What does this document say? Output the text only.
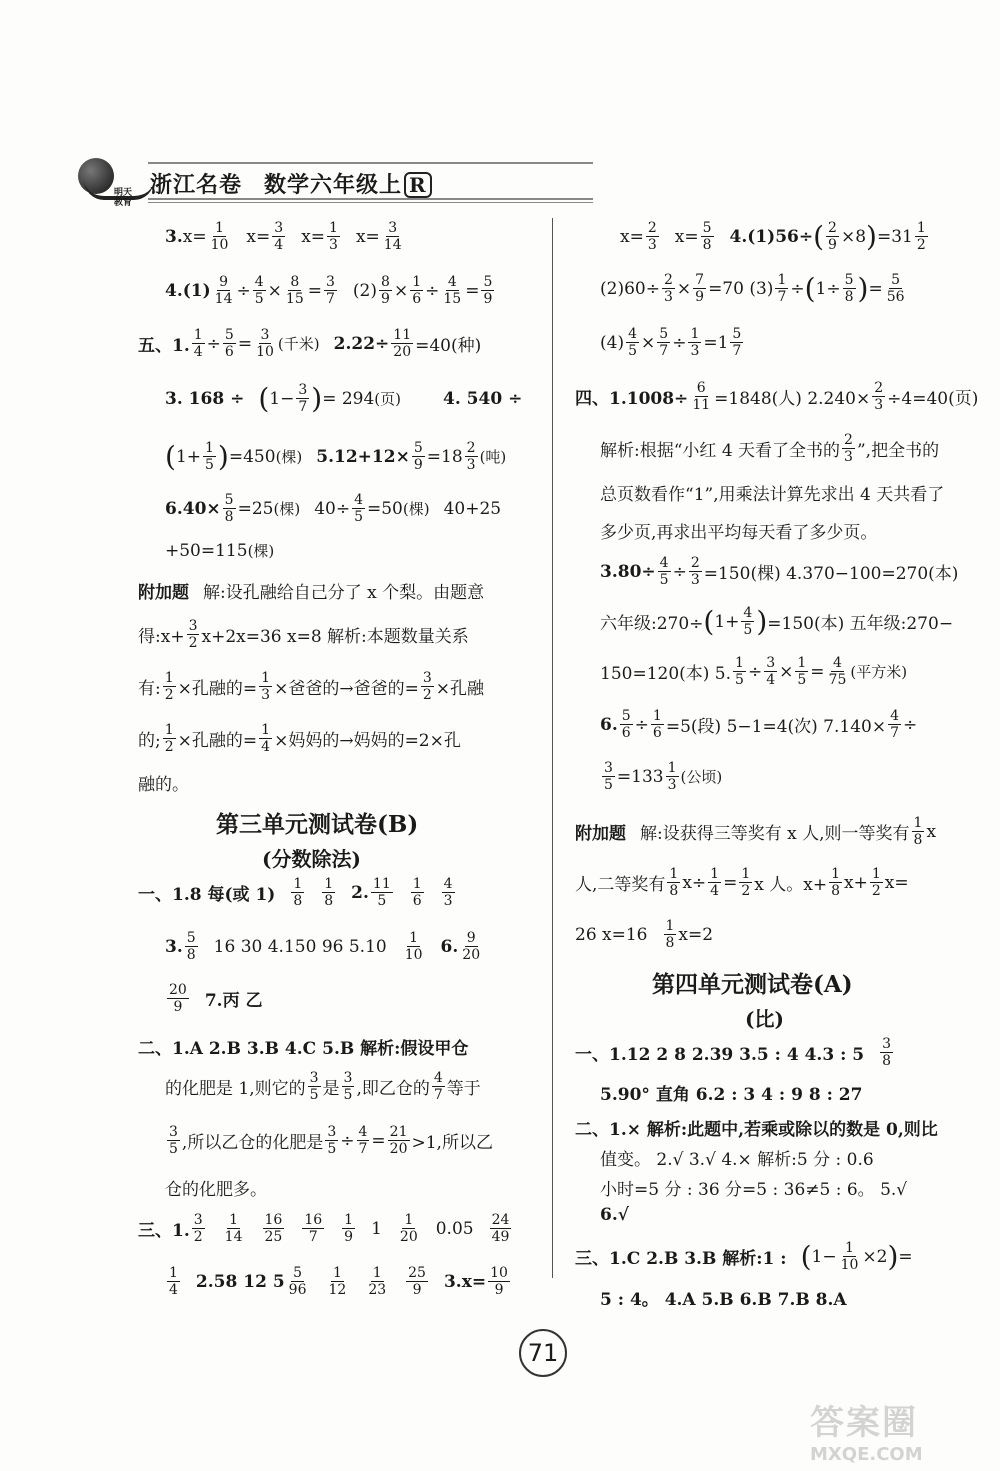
明天教育
浙江名卷 数学六年级上 R
3. $x= \frac{1}{10} x= \frac{3}{4} x= \frac{1}{3} x= \frac{3}{14}$
$4.(1) \frac{9}{14} \div \frac{4}{5} \times \frac{8}{15} = \frac{3}{7} (2) \frac{8}{9} \times \frac{1}{6} \div \frac{4}{15} = \frac{5}{9}$
五、1. $\frac{1}{4} \div \frac{5}{6} = \frac{3}{10}$ (千米) $2.22\div \frac{11}{20} =40$(种)
3. 168 ÷ ( $1- \frac{3}{7}$ ) = 294 (页) 4. 540 ÷
( $1+ \frac{1}{5}$ ) =450 (棵) $5.12+12\times \frac{5}{9} =18 \frac{2}{3}$ (吨)
$6.40\times \frac{5}{8} =25$ (棵) $40\div \frac{4}{5} =50$ (棵) 40+25
+50=115 (棵)
附加题 解:设孔融给自己分了 x 个梨。由题意
得:x+ $\frac{3}{2} x+2x=36$ x=8 解析:本题数量关系
有: $\frac{1}{2}$ ×孔融的= $\frac{1}{3}$ ×爸爸的→爸爸的= $\frac{3}{2}$ ×孔融
的; $\frac{1}{2}$ ×孔融的= $\frac{1}{4}$ ×妈妈的→妈妈的=2×孔
融的。
第三单元测试卷(B)
(分数除法)
一、1.8 每(或 $1) \frac{1}{8} \frac{1}{8} 2$. $\frac{11}{5} \frac{1}{6} \frac{4}{3}$
3. $\frac{5}{8} 16$ 30 4.150 96 $5.10 \frac{1}{10} 6$. $\frac{9}{20}$
$\frac{20}{9} 7$.丙 乙
二、1.A 2.B 3.B 4.C 5.B 解析:假设甲仓
的化肥是 1,则它的 $\frac{3}{5}$ 是 $\frac{3}{5}$ ,即乙仓的 $\frac{4}{7}$ 等于
$\frac{3}{5}$ ,所以乙仓的化肥是 $\frac{3}{5} \div \frac{4}{7} = \frac{21}{20} >1$,所以乙
仓的化肥多。
三、1. $\frac{3}{2} \frac{1}{14} \frac{16}{25} \frac{16}{7} \frac{1}{9} 1 \frac{1}{20} 0.05 \frac{24}{49}$
$\frac{1}{4} 2.58$ 12 $5 \frac{5}{96} \frac{1}{12} \frac{1}{23} \frac{25}{9} 3.x= \frac{10}{9}$
$x= \frac{2}{3} x= \frac{5}{8} 4.(1)56\div$ ( $\frac{2}{9} \times 8$ ) $=31 \frac{1}{2}$
$(2)60\div \frac{2}{3} \times \frac{7}{9} =70$ $(3) \frac{1}{7}$ ÷ ( $1\div \frac{5}{8}$ ) = $\frac{5}{56}$
$(4) \frac{4}{5} \times \frac{5}{7} \div \frac{1}{3} =1 \frac{5}{7}$
四、$1.1008\div \frac{6}{11} =1848$(人) $2.240\times \frac{2}{3} \div 4=40$(页)
解析:根据“小红 4 天看了全书的 $\frac{2}{3}$ ”,把全书的
总页数看作“1”,用乘法计算先求出 4 天共看了
多少页,再求出平均每天看了多少页。
$3.80\div \frac{4}{5} \div \frac{2}{3} =150$(棵) 4.370−100=270(本)
六年级:270÷ ( $1+ \frac{4}{5}$ ) =150(本) 五年级:270−
150=120(本) 5. $\frac{1}{5} \div \frac{3}{4} \times \frac{1}{5} = \frac{4}{75}$ (平方米)
6. $\frac{5}{6} \div \frac{1}{6} =5$(段) 5−1=4(次) $7.140\times \frac{4}{7}$ ÷
$\frac{3}{5} =133 \frac{1}{3}$ (公顷)
附加题 解:设获得三等奖有 x 人,则一等奖有 $\frac{1}{8}$ x
人,二等奖有 $\frac{1}{8} x\div \frac{1}{4} = \frac{1}{2}$ x 人。$x+ \frac{1}{8} x+ \frac{1}{2} x=$
26 $x=16 \frac{1}{8} x=2$
第四单元测试卷(A)
(比)
一、1.12 2 8 2.39 3.5 : 4 4.3 : $5 \frac{3}{8}$
5.90° 直角 6.2 : 3 4 : 9 8 : 27
二、1.× 解析:此题中,若乘或除以的数是 0,则比
值变。 2.√ 3.√ 4.× 解析:5 分 : 0.6
小时=5 分 : 36 分=5 : 36≠5 : 6。 5.√
6.√
三、1.C 2.B 3.B 解析:1 : ( $1- \frac{1}{10} \times 2$ ) =
5 : 4。 4.A 5.B 6.B 7.B 8.A
71
答案圈
MXQE.COM
